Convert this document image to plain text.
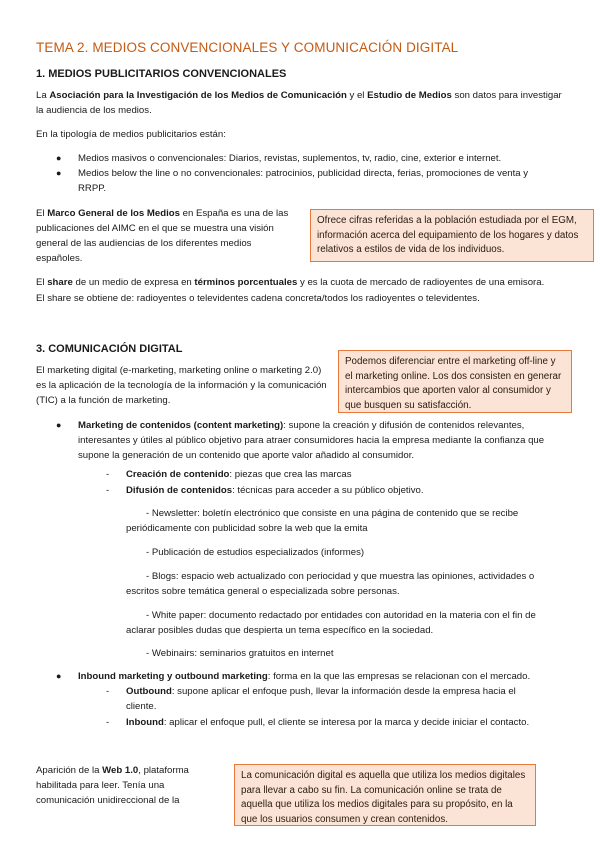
TEMA 2. MEDIOS CONVENCIONALES Y COMUNICACIÓN DIGITAL
1. MEDIOS PUBLICITARIOS CONVENCIONALES

La Asociación para la Investigación de los Medios de Comunicación y el Estudio de Medios son datos para investigar la audiencia de los medios.

En la tipología de medios publicitarios están:

● Medios masivos o convencionales: Diarios, revistas, suplementos, tv, radio, cine, exterior e internet.
● Medios below the line o no convencionales: patrocinios, publicidad directa, ferias, promociones de venta y RRPP.

El Marco General de los Medios en España es una de las publicaciones del AIMC en el que se muestra una visión general de las audiencias de los diferentes medios españoles.

Ofrece cifras referidas a la población estudiada por el EGM, información acerca del equipamiento de los hogares y datos relativos a estilos de vida de los individuos.

El share de un medio de expresa en términos porcentuales y es la cuota de mercado de radioyentes de una emisora.

El share se obtiene de: radioyentes o televidentes cadena concreta/todos los radioyentes o televidentes.

3. COMUNICACIÓN DIGITAL

El marketing digital (e-marketing, marketing online o marketing 2.0) es la aplicación de la tecnología de la información y la comunicación (TIC) a la función de marketing.

Podemos diferenciar entre el marketing off-line y el marketing online. Los dos consisten en generar intercambios que aporten valor al consumidor y que busquen su satisfacción.
●	Marketing de contenidos (content marketing): supone la creación y difusión de contenidos relevantes, interesantes y útiles al público objetivo para atraer consumidores hacia la empresa mediante la confianza que supone la generación de un contenido que aporte valor añadido al consumidor.

-	Creación de contenido: piezas que crea las marcas

-	Difusión de contenidos: técnicas para acceder a su público objetivo.

- Newsletter: boletín electrónico que consiste en una página de contenido que se recibe periódicamente con publicidad sobre la web que la emita

- Publicación de estudios especializados (informes)

- Blogs: espacio web actualizado con periocidad y que muestra las opiniones, actividades o escritos sobre temática general o especializada sobre personas.

- White paper: documento redactado por entidades con autoridad en la materia con el fin de aclarar posibles dudas que despierta un tema específico en la sociedad.

- Webinairs: seminarios gratuitos en internet

●	Inbound marketing y outbound marketing: forma en la que las empresas se relacionan con el mercado.

-	Outbound: supone aplicar el enfoque push, llevar la información desde la empresa hacia el cliente.

-	Inbound: aplicar el enfoque pull, el cliente se interesa por la marca y decide iniciar el contacto.

Aparición de la Web 1.0, plataforma habilitada para leer. Tenía una comunicación unidireccional de la

La comunicación digital es aquella que utiliza los medios digitales para llevar a cabo su fin. La comunicación online se trata de aquella que utiliza los medios digitales para su propósito, en la que los usuarios consumen y crean contenidos.
